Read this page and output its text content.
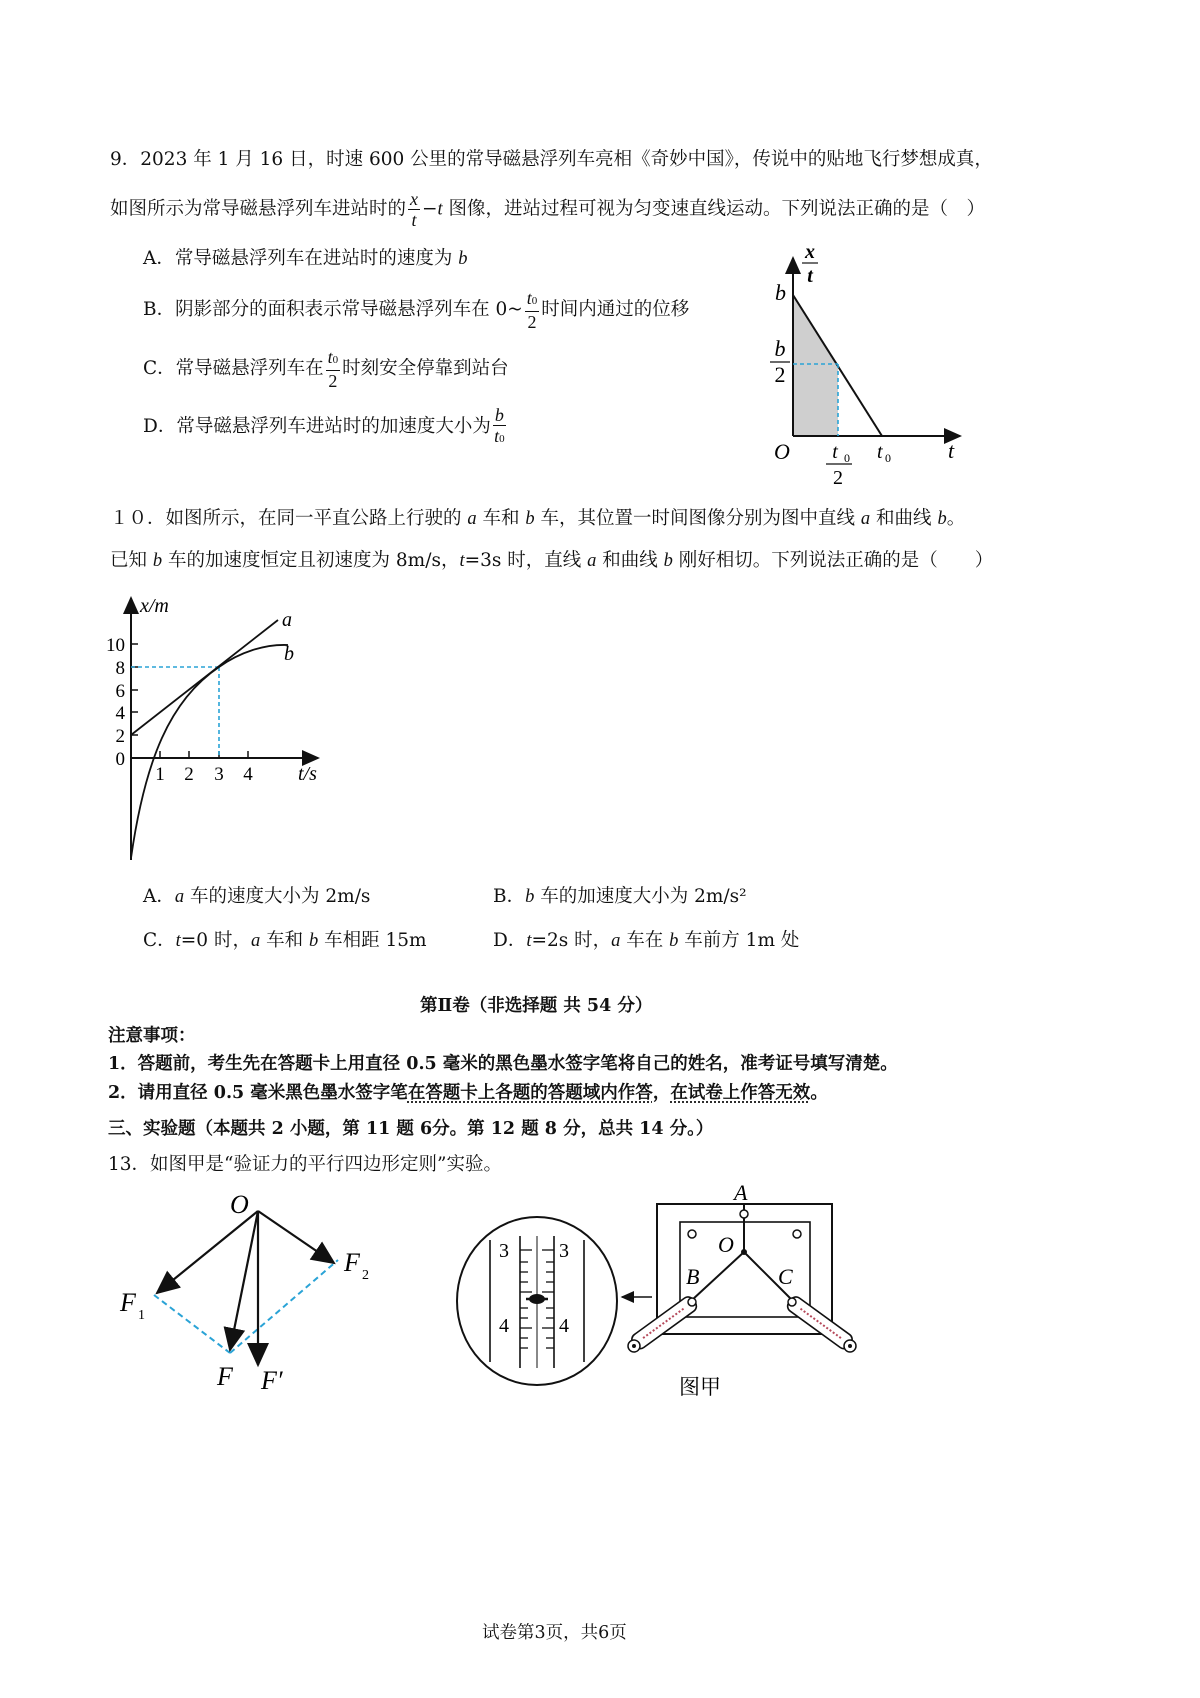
9．2023 年 1 月 16 日，时速 600 公里的常导磁悬浮列车亮相《奇妙中国》，传说中的贴地飞行梦想成真，
如图所示为常导磁悬浮列车进站时的 $\frac{x}{t} -t$ 图像，进站过程可视为匀变速直线运动。下列说法正确的是（　）
A．常导磁悬浮列车在进站时的速度为 b
B．阴影部分的面积表示常导磁悬浮列车在 0~ $\frac{t0}{2}$ 时间内通过的位移
C．常导磁悬浮列车在 $\frac{t0}{2}$ 时刻安全停靠到站台
D．常导磁悬浮列车进站时的加速度大小为 $\frac{b}{t0}$
x
t
b
b
2
O t 0
2
t 0	t
１０．如图所示，在同一平直公路上行驶的 a 车和 b 车，其位置一时间图像分别为图中直线 a 和曲线 b。
已知 b 车的加速度恒定且初速度为 8m/s，t=3s 时，直线 a 和曲线 b 刚好相切。下列说法正确的是（　　）
x/m
10
8
6
4
2
0
1 2 3 4 t/s
a
b
A．a 车的速度大小为 2m/s	B．b 车的加速度大小为 2m/s²
C．t=0 时，a 车和 b 车相距 15m	D．t=2s 时，a 车在 b 车前方 1m 处
第Ⅱ卷（非选择题 共 54 分）
注意事项：
1．答题前，考生先在答题卡上用直径 0.5 毫米的黑色墨水签字笔将自己的姓名，准考证号填写清楚。
2．请用直径 0.5 毫米黑色墨水签字笔在答题卡上各题的答题域内作答，在试卷上作答无效。
三、实验题（本题共 2 小题，第 11 题 6分。第 12 题 8 分，总共 14 分。）
13．如图甲是“验证力的平行四边形定则”实验。
O
F 1
F 2
F F′
3	3
4	4
A
O
B	C
图甲
试卷第3页，共6页
